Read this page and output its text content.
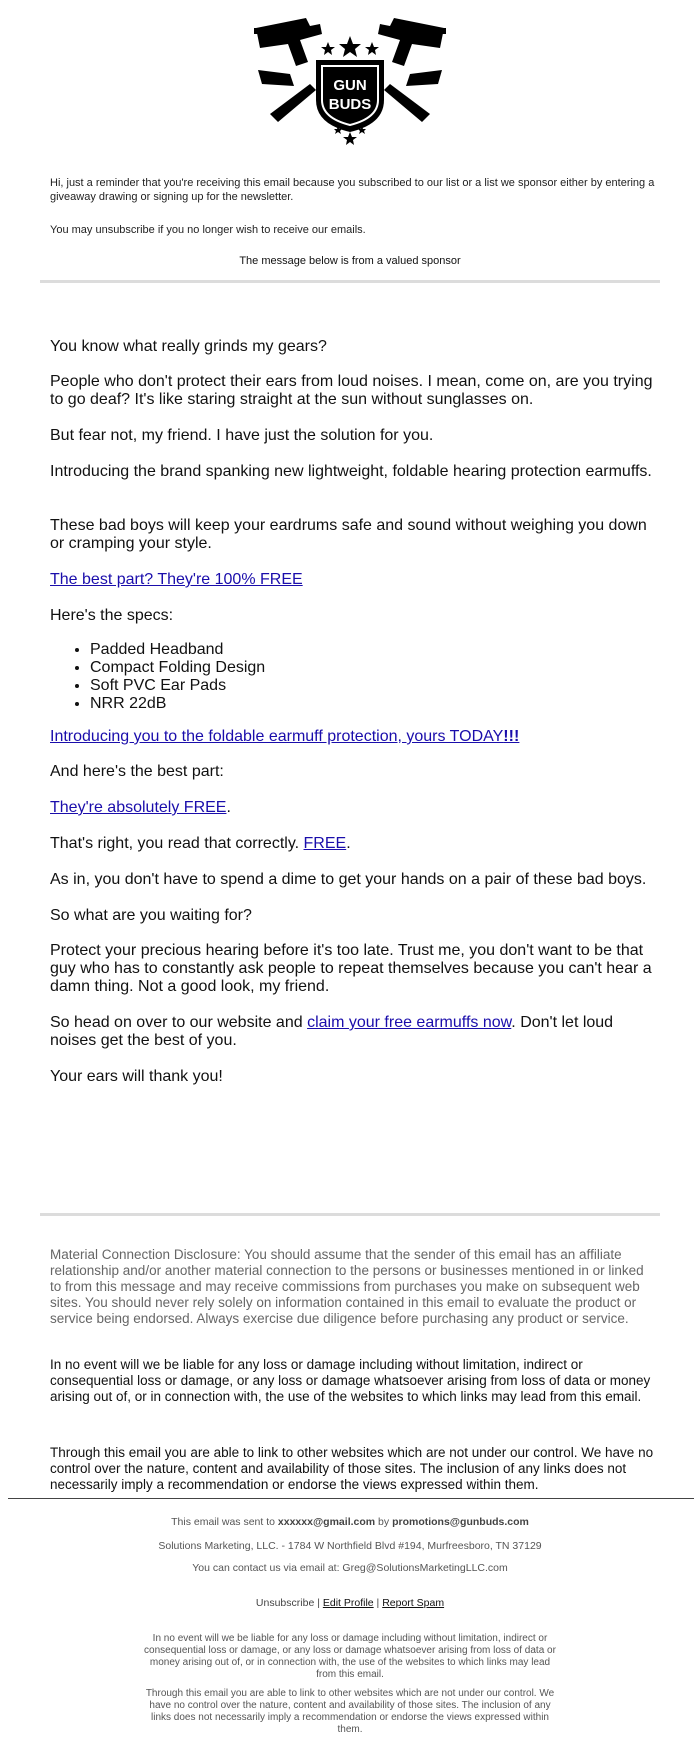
GUN
BUDS
Hi, just a reminder that you're receiving this email because you subscribed to our list or a list we sponsor either by entering a giveaway drawing or signing up for the newsletter.
You may unsubscribe if you no longer wish to receive our emails.
The message below is from a valued sponsor
You know what really grinds my gears?
People who don't protect their ears from loud noises. I mean, come on, are you trying to go deaf? It's like staring straight at the sun without sunglasses on.
But fear not, my friend. I have just the solution for you.
Introducing the brand spanking new lightweight, foldable hearing protection earmuffs.
These bad boys will keep your eardrums safe and sound without weighing you down or cramping your style.
The best part? They're 100% FREE
Here's the specs:
• Padded Headband
• Compact Folding Design
• Soft PVC Ear Pads
• NRR 22dB
Introducing you to the foldable earmuff protection, yours TODAY!!!
And here's the best part:
They're absolutely FREE.
That's right, you read that correctly. FREE.
As in, you don't have to spend a dime to get your hands on a pair of these bad boys.
So what are you waiting for?
Protect your precious hearing before it's too late. Trust me, you don't want to be that guy who has to constantly ask people to repeat themselves because you can't hear a damn thing. Not a good look, my friend.
So head on over to our website and claim your free earmuffs now. Don't let loud noises get the best of you.
Your ears will thank you!
Material Connection Disclosure: You should assume that the sender of this email has an affiliate relationship and/or another material connection to the persons or businesses mentioned in or linked to from this message and may receive commissions from purchases you make on subsequent web sites. You should never rely solely on information contained in this email to evaluate the product or service being endorsed. Always exercise due diligence before purchasing any product or service.
In no event will we be liable for any loss or damage including without limitation, indirect or consequential loss or damage, or any loss or damage whatsoever arising from loss of data or money arising out of, or in connection with, the use of the websites to which links may lead from this email.
Through this email you are able to link to other websites which are not under our control. We have no control over the nature, content and availability of those sites. The inclusion of any links does not necessarily imply a recommendation or endorse the views expressed within them.
This email was sent to xxxxxx@gmail.com by promotions@gunbuds.com
Solutions Marketing, LLC. - 1784 W Northfield Blvd #194, Murfreesboro, TN 37129
You can contact us via email at: Greg@SolutionsMarketingLLC.com
Unsubscribe | Edit Profile | Report Spam
In no event will we be liable for any loss or damage including without limitation, indirect or consequential loss or damage, or any loss or damage whatsoever arising from loss of data or money arising out of, or in connection with, the use of the websites to which links may lead from this email.
Through this email you are able to link to other websites which are not under our control. We have no control over the nature, content and availability of those sites. The inclusion of any links does not necessarily imply a recommendation or endorse the views expressed within them.
